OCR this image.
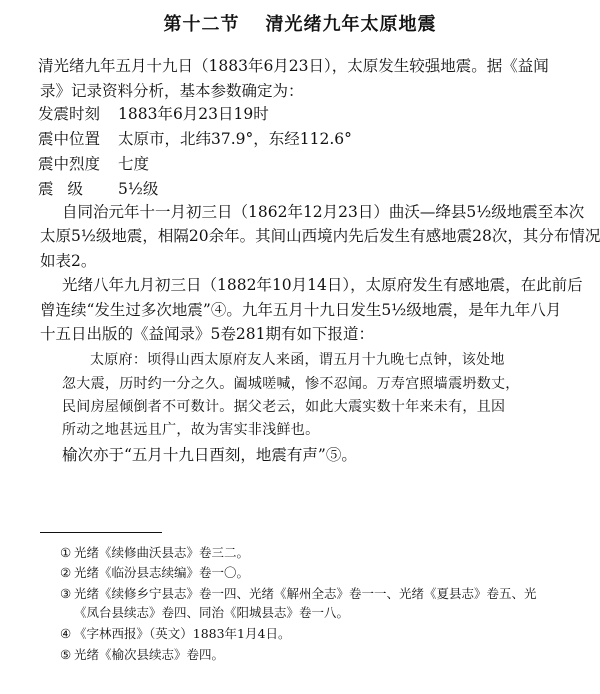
第十二节 清光绪九年太原地震
清光绪九年五月十九日（1883年6月23日），太原发生较强地震。据《益闻
录》记录资料分析，基本参数确定为：
发震时刻 1883年6月23日19时
震中位置 太原市，北纬37.9°，东经112.6°
震中烈度 七度
震级 5½级
自同治元年十一月初三日（1862年12月23日）曲沃—绛县5½级地震至本次
太原5½级地震，相隔20余年。其间山西境内先后发生有感地震28次，其分布情况
如表2。
光绪八年九月初三日（1882年10月14日），太原府发生有感地震，在此前后
曾连续“发生过多次地震”④。九年五月十九日发生5½级地震，是年九年八月
十五日出版的《益闻录》5卷281期有如下报道：
太原府：顷得山西太原府友人来函，谓五月十九晚七点钟，该处地
忽大震，历时约一分之久。阖城嗟喊，惨不忍闻。万寿宫照墙震坍数丈，
民间房屋倾倒者不可数计。据父老云，如此大震实数十年来未有，且因
所动之地甚远且广，故为害实非浅鲜也。
榆次亦于“五月十九日酉刻，地震有声”⑤。
① 光绪《续修曲沃县志》卷三二。
② 光绪《临汾县志续编》卷一〇。
③ 光绪《续修乡宁县志》卷一四、光绪《解州全志》卷一一、光绪《夏县志》卷五、光
《凤台县续志》卷四、同治《阳城县志》卷一八。
④ 《字林西报》（英文）1883年1月4日。
⑤ 光绪《榆次县续志》卷四。
